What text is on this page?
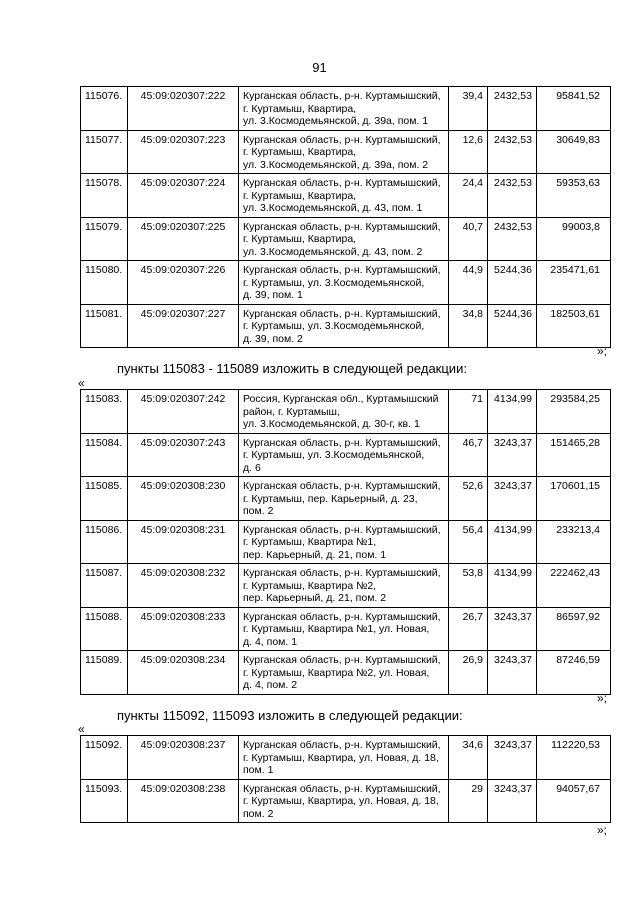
91
115076.	45:09:020307:222	Курганская область, р-н. Куртамышский,
г. Куртамыш, Квартира,
ул. 3.Космодемьянской, д. 39а, пом. 1	39,4	2432,53	95841,52
115077.	45:09:020307:223	Курганская область, р-н. Куртамышский,
г. Куртамыш, Квартира,
ул. 3.Космодемьянской, д. 39а, пом. 2	12,6	2432,53	30649,83
115078.	45:09:020307:224	Курганская область, р-н. Куртамышский,
г. Куртамыш, Квартира,
ул. 3.Космодемьянской, д. 43, пом. 1	24,4	2432,53	59353,63
115079.	45:09:020307:225	Курганская область, р-н. Куртамышский,
г. Куртамыш, Квартира,
ул. 3.Космодемьянской, д. 43, пом. 2	40,7	2432,53	99003,8
115080.	45:09:020307:226	Курганская область, р-н. Куртамышский,
г. Куртамыш, ул. 3.Космодемьянской,
д. 39, пом. 1	44,9	5244,36	235471,61
115081.	45:09:020307:227	Курганская область, р-н. Куртамышский,
г. Куртамыш, ул. 3.Космодемьянской,
д. 39, пом. 2	34,8	5244,36	182503,61
»;
пункты 115083 - 115089 изложить в следующей редакции:
«
115083.	45:09:020307:242	Россия, Курганская обл., Куртамышский
район, г. Куртамыш,
ул. 3.Космодемьянской, д. 30-г, кв. 1	71	4134,99	293584,25
115084.	45:09:020307:243	Курганская область, р-н. Куртамышский,
г. Куртамыш, ул. 3.Космодемьянской,
д. 6	46,7	3243,37	151465,28
115085.	45:09:020308:230	Курганская область, р-н. Куртамышский,
г. Куртамыш, пер. Карьерный, д. 23,
пом. 2	52,6	3243,37	170601,15
115086.	45:09:020308:231	Курганская область, р-н. Куртамышский,
г. Куртамыш, Квартира №1,
пер. Карьерный, д. 21, пом. 1	56,4	4134,99	233213,4
115087.	45:09:020308:232	Курганская область, р-н. Куртамышский,
г. Куртамыш, Квартира №2,
пер. Карьерный, д. 21, пом. 2	53,8	4134,99	222462,43
115088.	45:09:020308:233	Курганская область, р-н. Куртамышский,
г. Куртамыш, Квартира №1, ул. Новая,
д. 4, пом. 1	26,7	3243,37	86597,92
115089.	45:09:020308:234	Курганская область, р-н. Куртамышский,
г. Куртамыш, Квартира №2, ул. Новая,
д. 4, пом. 2	26,9	3243,37	87246,59
»;
пункты 115092, 115093 изложить в следующей редакции:
«
115092.	45:09:020308:237	Курганская область, р-н. Куртамышский,
г. Куртамыш, Квартира, ул. Новая, д. 18,
пом. 1	34,6	3243,37	112220,53
115093.	45:09:020308:238	Курганская область, р-н. Куртамышский,
г. Куртамыш, Квартира, ул. Новая, д. 18,
пом. 2	29	3243,37	94057,67
»;
